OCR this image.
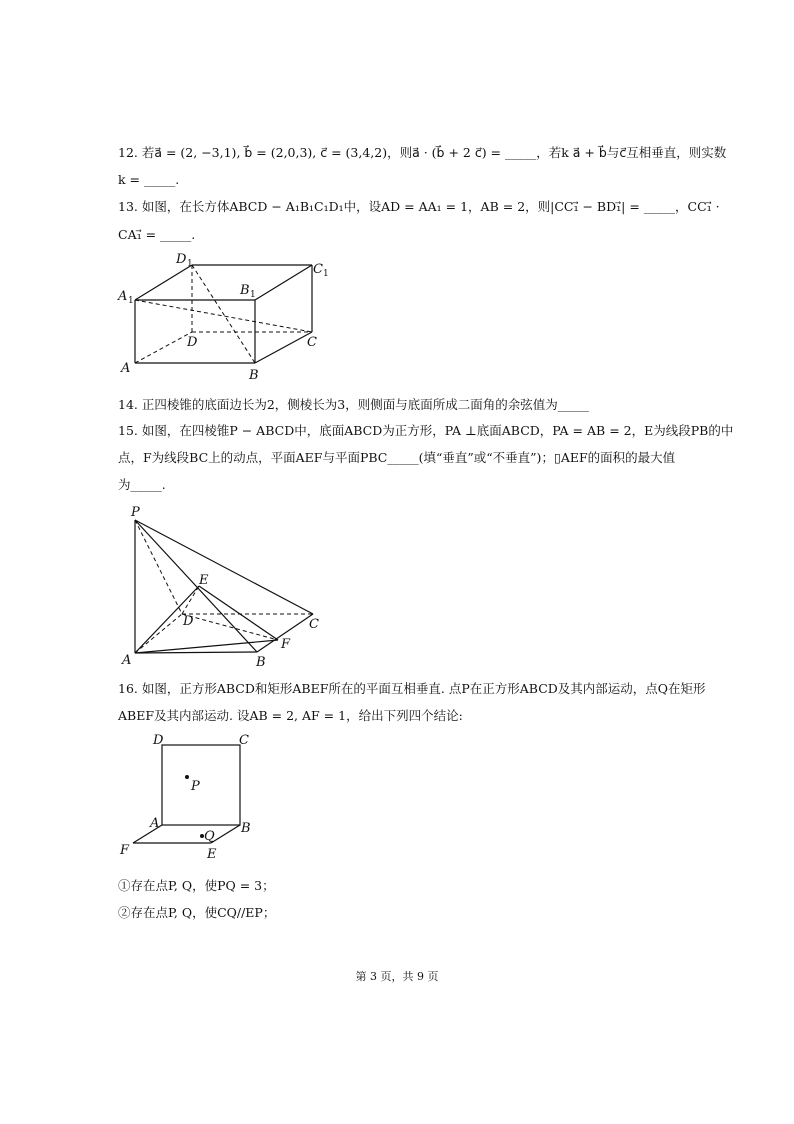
12. 若a⃗ = (2, −3,1), b⃗ = (2,0,3), c⃗ = (3,4,2)，则a⃗ · (b⃗ + 2 c⃗) = _____，若k a⃗ + b⃗与c⃗互相垂直，则实数
k = _____.
13. 如图，在长方体ABCD − A₁B₁C₁D₁中，设AD = AA₁ = 1，AB = 2，则|CC₁⃗ − BD₁⃗| = _____，CC₁⃗ ·
CA₁⃗ = _____.
D 1	C 1
B 1
A 1
D	C
A	B
14. 正四棱锥的底面边长为2，侧棱长为3，则侧面与底面所成二面角的余弦值为_____
15. 如图，在四棱锥P − ABCD中，底面ABCD为正方形，PA ⊥底面ABCD，PA = AB = 2，E为线段PB的中
点，F为线段BC上的动点，平面AEF与平面PBC_____(填“垂直”或“不垂直”)；▯AEF的面积的最大值
为_____.
P
E
D	C
F
A	B
16. 如图，正方形ABCD和矩形ABEF所在的平面互相垂直. 点P在正方形ABCD及其内部运动，点Q在矩形
ABEF及其内部运动. 设AB = 2, AF = 1，给出下列四个结论:
D	C
P
A	B
Q
F	E
①存在点P, Q，使PQ = 3；
②存在点P, Q，使CQ//EP；
第 3 页，共 9 页
